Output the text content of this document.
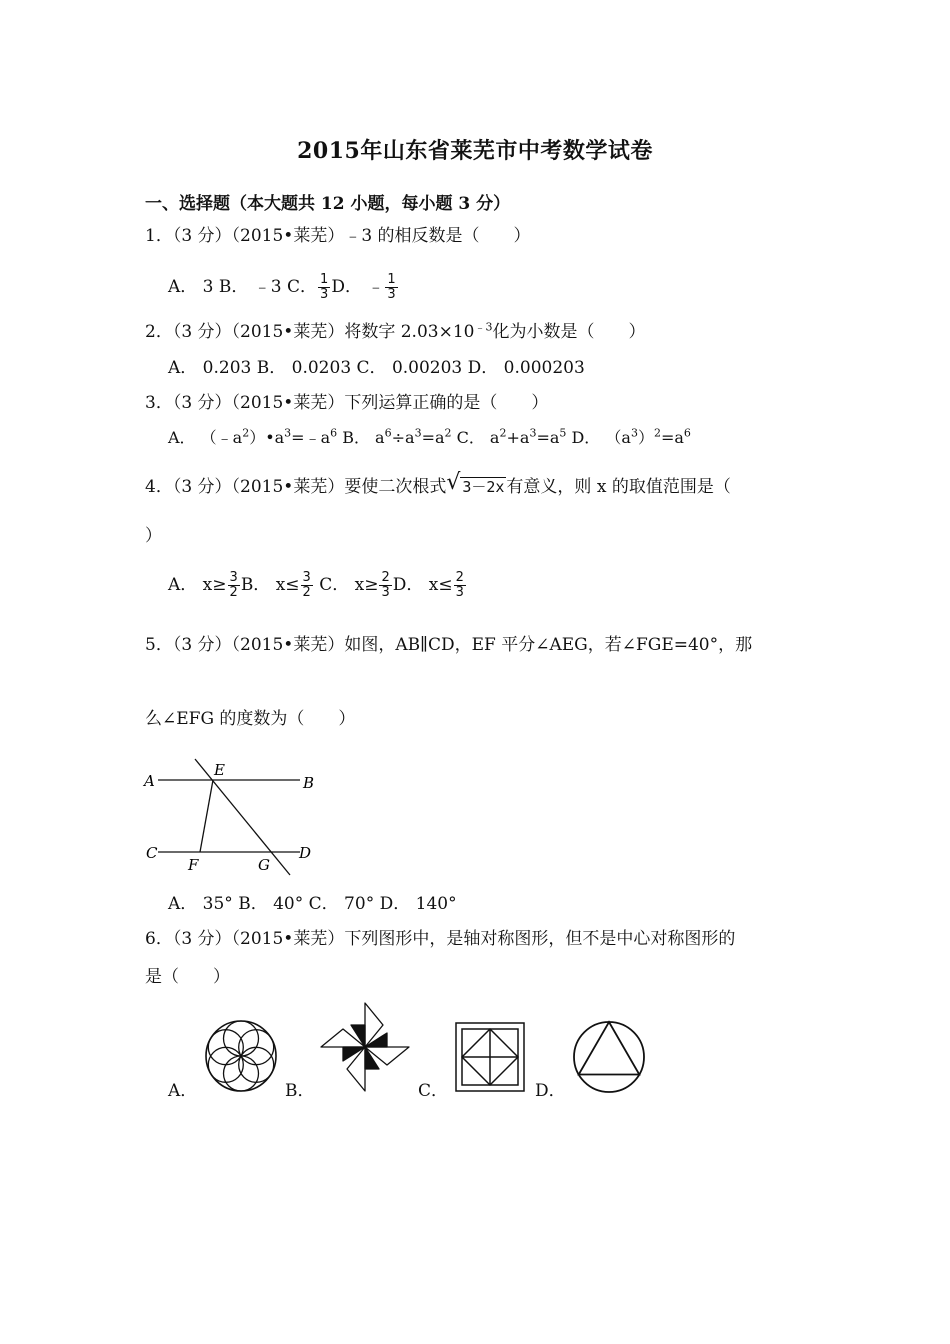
2015年山东省莱芜市中考数学试卷
一、选择题（本大题共 12 小题，每小题 3 分）
1．（3 分）（2015•莱芜）﹣3 的相反数是（　　）
A． 3 B． ﹣3 C． $\frac{1}{3}$ D． ﹣ $\frac{1}{3}$
2．（3 分）（2015•莱芜）将数字 $2.03\times 10^{﹣3}$化为小数是（　　）
A． 0.203 B． 0.0203 C． 0.00203 D． 0.000203
3．（3 分）（2015•莱芜）下列运算正确的是（　　）
A． $(﹣a^2)•a^3=﹣a^6$ B． $a^6\div a^3=a^2$ C． $a^2+a^3=a^5$ D． $(a^3)^2=a^6$
4．（3 分）（2015•莱芜）要使二次根式 √ 3－2x 有意义，则 x 的取值范围是（
）
A． $x\ge \frac{3}{2}$ B． $x\le \frac{3}{2}$ C． $x\ge \frac{2}{3}$ D． $x\le \frac{2}{3}$
5．（3 分）（2015•莱芜）如图，AB∥CD，EF 平分∠AEG，若∠FGE=40°，那
么∠EFG 的度数为（　　）
A	B
C	D
E
F	G
A． 35° B． 40° C． 70° D． 140°
6．（3 分）（2015•莱芜）下列图形中，是轴对称图形，但不是中心对称图形的
是（　　）
A．	B．	C．	D．
